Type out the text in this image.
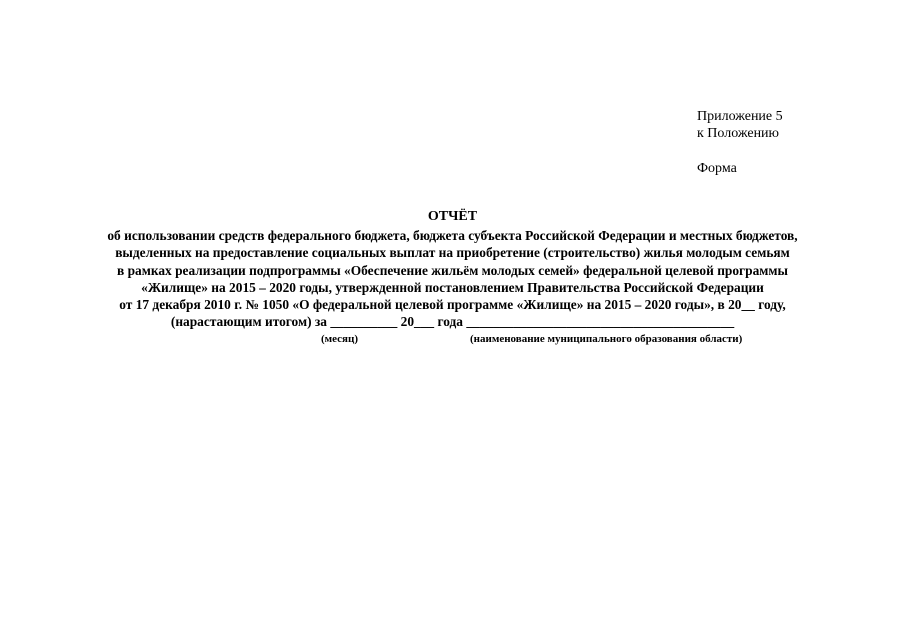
Приложение 5
к Положению
Форма
ОТЧЁТ
об использовании средств федерального бюджета, бюджета субъекта Российской Федерации и местных бюджетов,
выделенных на предоставление социальных выплат на приобретение (строительство) жилья молодым семьям
в рамках реализации подпрограммы «Обеспечение жильём молодых семей» федеральной целевой программы
«Жилище» на 2015 – 2020 годы, утвержденной постановлением Правительства Российской Федерации
от 17 декабря 2010 г. № 1050 «О федеральной целевой программе «Жилище» на 2015 – 2020 годы», в 20__ году,
(нарастающим итогом) за __________ 20___ года ________________________________________
(месяц)	(наименование муниципального образования области)
